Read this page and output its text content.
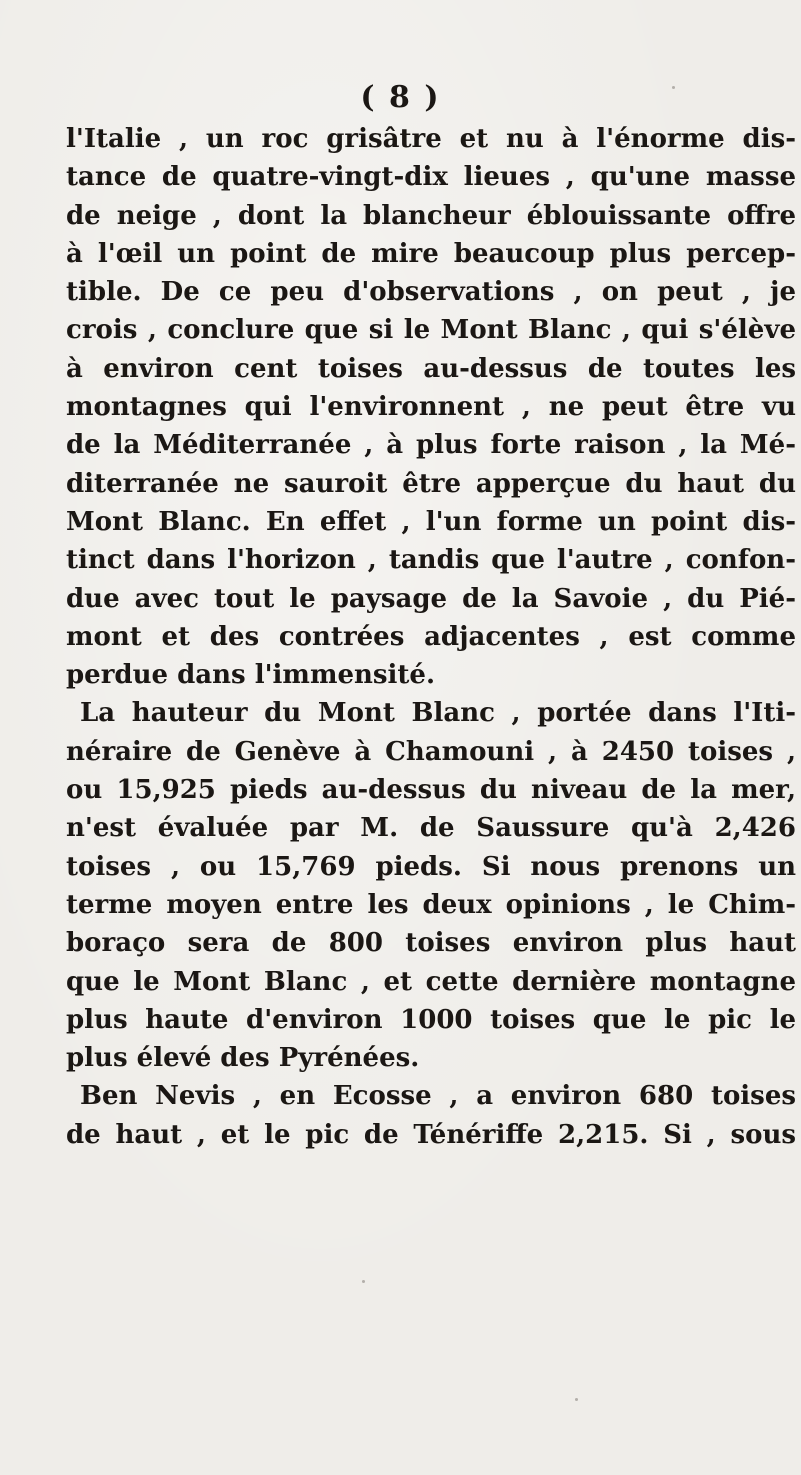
( 8 )
l'Italie , un roc grisâtre et nu à l'énorme dis-
tance de quatre-vingt-dix lieues , qu'une masse
de neige , dont la blancheur éblouissante offre
à l'œil un point de mire beaucoup plus percep-
tible. De ce peu d'observations , on peut , je
crois , conclure que si le Mont Blanc , qui s'élève
à environ cent toises au-dessus de toutes les
montagnes qui l'environnent , ne peut être vu
de la Méditerranée , à plus forte raison , la Mé-
diterranée ne sauroit être apperçue du haut du
Mont Blanc. En effet , l'un forme un point dis-
tinct dans l'horizon , tandis que l'autre , confon-
due avec tout le paysage de la Savoie , du Pié-
mont et des contrées adjacentes , est comme
perdue dans l'immensité.
La hauteur du Mont Blanc , portée dans l'Iti-
néraire de Genève à Chamouni , à 2450 toises ,
ou 15,925 pieds au-dessus du niveau de la mer,
n'est évaluée par M. de Saussure qu'à 2,426
toises , ou 15,769 pieds. Si nous prenons un
terme moyen entre les deux opinions , le Chim-
boraço sera de 800 toises environ plus haut
que le Mont Blanc , et cette dernière montagne
plus haute d'environ 1000 toises que le pic le
plus élevé des Pyrénées.
Ben Nevis , en Ecosse , a environ 680 toises
de haut , et le pic de Ténériffe 2,215. Si , sous
